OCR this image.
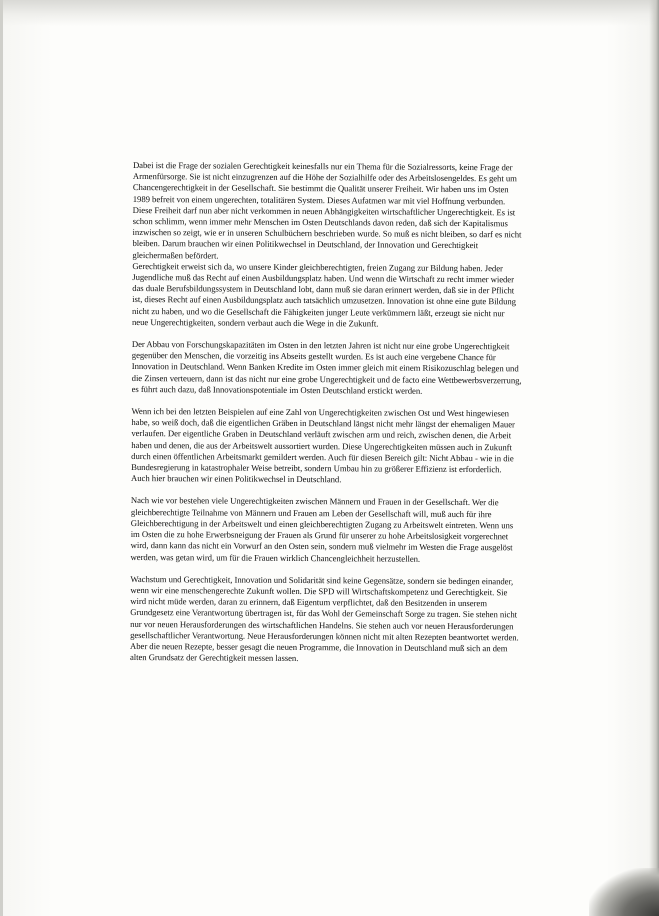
Dabei ist die Frage der sozialen Gerechtigkeit keinesfalls nur ein Thema für die Sozialressorts, keine Frage der Armenfürsorge. Sie ist nicht einzugrenzen auf die Höhe der Sozialhilfe oder des Arbeitslosengeldes. Es geht um Chancengerechtigkeit in der Gesellschaft. Sie bestimmt die Qualität unserer Freiheit. Wir haben uns im Osten 1989 befreit von einem ungerechten, totalitären System. Dieses Aufatmen war mit viel Hoffnung verbunden. Diese Freiheit darf nun aber nicht verkommen in neuen Abhängigkeiten wirtschaftlicher Ungerechtigkeit. Es ist schon schlimm, wenn immer mehr Menschen im Osten Deutschlands davon reden, daß sich der Kapitalismus inzwischen so zeigt, wie er in unseren Schulbüchern beschrieben wurde. So muß es nicht bleiben, so darf es nicht bleiben. Darum brauchen wir einen Politikwechsel in Deutschland, der Innovation und Gerechtigkeit gleichermaßen befördert.

Gerechtigkeit erweist sich da, wo unsere Kinder gleichberechtigten, freien Zugang zur Bildung haben. Jeder Jugendliche muß das Recht auf einen Ausbildungsplatz haben. Und wenn die Wirtschaft zu recht immer wieder das duale Berufsbildungssystem in Deutschland lobt, dann muß sie daran erinnert werden, daß sie in der Pflicht ist, dieses Recht auf einen Ausbildungsplatz auch tatsächlich umzusetzen. Innovation ist ohne eine gute Bildung nicht zu haben, und wo die Gesellschaft die Fähigkeiten junger Leute verkümmern läßt, erzeugt sie nicht nur neue Ungerechtigkeiten, sondern verbaut auch die Wege in die Zukunft.

Der Abbau von Forschungskapazitäten im Osten in den letzten Jahren ist nicht nur eine grobe Ungerechtigkeit gegenüber den Menschen, die vorzeitig ins Abseits gestellt wurden. Es ist auch eine vergebene Chance für Innovation in Deutschland. Wenn Banken Kredite im Osten immer gleich mit einem Risikozuschlag belegen und die Zinsen verteuern, dann ist das nicht nur eine grobe Ungerechtigkeit und de facto eine Wettbewerbsverzerrung, es führt auch dazu, daß Innovationspotentiale im Osten Deutschland erstickt werden.

Wenn ich bei den letzten Beispielen auf eine Zahl von Ungerechtigkeiten zwischen Ost und West hingewiesen habe, so weiß doch, daß die eigentlichen Gräben in Deutschland längst nicht mehr längst der ehemaligen Mauer verlaufen. Der eigentliche Graben in Deutschland verläuft zwischen arm und reich, zwischen denen, die Arbeit haben und denen, die aus der Arbeitswelt aussortiert wurden. Diese Ungerechtigkeiten müssen auch in Zukunft durch einen öffentlichen Arbeitsmarkt gemildert werden. Auch für diesen Bereich gilt: Nicht Abbau - wie in die Bundesregierung in katastrophaler Weise betreibt, sondern Umbau hin zu größerer Effizienz ist erforderlich. Auch hier brauchen wir einen Politikwechsel in Deutschland.

Nach wie vor bestehen viele Ungerechtigkeiten zwischen Männern und Frauen in der Gesellschaft. Wer die gleichberechtigte Teilnahme von Männern und Frauen am Leben der Gesellschaft will, muß auch für ihre Gleichberechtigung in der Arbeitswelt und einen gleichberechtigten Zugang zu Arbeitswelt eintreten. Wenn uns im Osten die zu hohe Erwerbsneigung der Frauen als Grund für unserer zu hohe Arbeitslosigkeit vorgerechnet wird, dann kann das nicht ein Vorwurf an den Osten sein, sondern muß vielmehr im Westen die Frage ausgelöst werden, was getan wird, um für die Frauen wirklich Chancengleichheit herzustellen.

Wachstum und Gerechtigkeit, Innovation und Solidarität sind keine Gegensätze, sondern sie bedingen einander, wenn wir eine menschengerechte Zukunft wollen. Die SPD will Wirtschaftskompetenz und Gerechtigkeit. Sie wird nicht müde werden, daran zu erinnern, daß Eigentum verpflichtet, daß den Besitzenden in unserem Grundgesetz eine Verantwortung übertragen ist, für das Wohl der Gemeinschaft Sorge zu tragen. Sie stehen nicht nur vor neuen Herausforderungen des wirtschaftlichen Handelns. Sie stehen auch vor neuen Herausforderungen gesellschaftlicher Verantwortung. Neue Herausforderungen können nicht mit alten Rezepten beantwortet werden. Aber die neuen Rezepte, besser gesagt die neuen Programme, die Innovation in Deutschland muß sich an dem alten Grundsatz der Gerechtigkeit messen lassen.
